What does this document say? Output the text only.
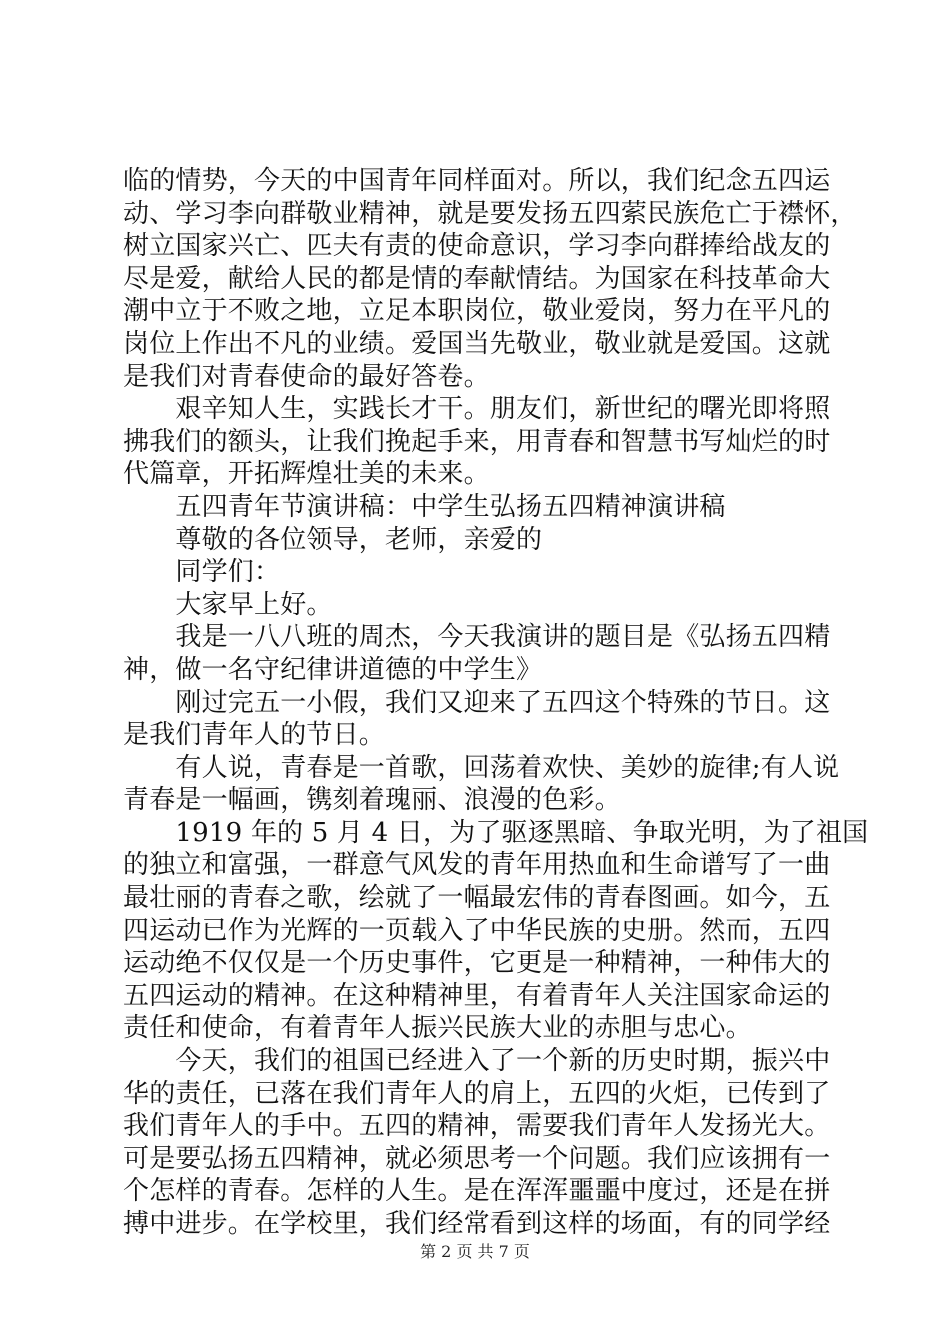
临的情势，今天的中国青年同样面对。所以，我们纪念五四运
动、学习李向群敬业精神，就是要发扬五四萦民族危亡于襟怀，
树立国家兴亡、匹夫有责的使命意识，学习李向群捧给战友的
尽是爱，献给人民的都是情的奉献情结。为国家在科技革命大
潮中立于不败之地，立足本职岗位，敬业爱岗，努力在平凡的
岗位上作出不凡的业绩。爱国当先敬业，敬业就是爱国。这就
是我们对青春使命的最好答卷。
　　艰辛知人生，实践长才干。朋友们，新世纪的曙光即将照
拂我们的额头，让我们挽起手来，用青春和智慧书写灿烂的时
代篇章，开拓辉煌壮美的未来。
　　五四青年节演讲稿：中学生弘扬五四精神演讲稿
　　尊敬的各位领导，老师，亲爱的
　　同学们：
　　大家早上好。
　　我是一八八班的周杰，今天我演讲的题目是《弘扬五四精
神，做一名守纪律讲道德的中学生》
　　刚过完五一小假，我们又迎来了五四这个特殊的节日。这
是我们青年人的节日。
　　有人说，青春是一首歌，回荡着欢快、美妙的旋律;有人说
青春是一幅画，镌刻着瑰丽、浪漫的色彩。
　　1919 年的 5 月 4 日，为了驱逐黑暗、争取光明，为了祖国
的独立和富强，一群意气风发的青年用热血和生命谱写了一曲
最壮丽的青春之歌，绘就了一幅最宏伟的青春图画。如今，五
四运动已作为光辉的一页载入了中华民族的史册。然而，五四
运动绝不仅仅是一个历史事件，它更是一种精神，一种伟大的
五四运动的精神。在这种精神里，有着青年人关注国家命运的
责任和使命，有着青年人振兴民族大业的赤胆与忠心。
　　今天，我们的祖国已经进入了一个新的历史时期，振兴中
华的责任，已落在我们青年人的肩上，五四的火炬，已传到了
我们青年人的手中。五四的精神，需要我们青年人发扬光大。
可是要弘扬五四精神，就必须思考一个问题。我们应该拥有一
个怎样的青春。怎样的人生。是在浑浑噩噩中度过，还是在拼
搏中进步。在学校里，我们经常看到这样的场面，有的同学经
第 2 页 共 7 页
